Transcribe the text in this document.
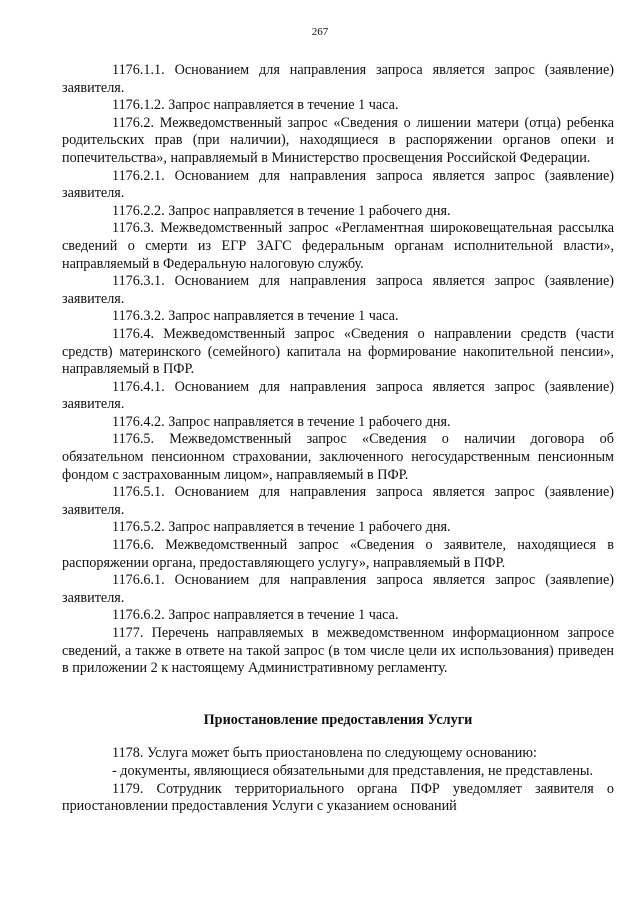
267

1176.1.1. Основанием для направления запроса является запрос (заявление) заявителя.

1176.1.2. Запрос направляется в течение 1 часа.

1176.2. Межведомственный запрос «Сведения о лишении матери (отца) ребенка родительских прав (при наличии), находящиеся в распоряжении органов опеки и попечительства», направляемый в Министерство просвещения Российской Федерации.

1176.2.1. Основанием для направления запроса является запрос (заявление) заявителя.

1176.2.2. Запрос направляется в течение 1 рабочего дня.

1176.3. Межведомственный запрос «Регламентная широковещательная рассылка сведений о смерти из ЕГР ЗАГС федеральным органам исполнительной власти», направляемый в Федеральную налоговую службу.

1176.3.1. Основанием для направления запроса является запрос (заявление) заявителя.

1176.3.2. Запрос направляется в течение 1 часа.

1176.4. Межведомственный запрос «Сведения о направлении средств (части средств) материнского (семейного) капитала на формирование накопительной пенсии», направляемый в ПФР.

1176.4.1. Основанием для направления запроса является запрос (заявление) заявителя.

1176.4.2. Запрос направляется в течение 1 рабочего дня.

1176.5. Межведомственный запрос «Сведения о наличии договора об обязательном пенсионном страховании, заключенного негосударственным пенсионным фондом с застрахованным лицом», направляемый в ПФР.

1176.5.1. Основанием для направления запроса является запрос (заявление) заявителя.

1176.5.2. Запрос направляется в течение 1 рабочего дня.

1176.6. Межведомственный запрос «Сведения о заявителе, находящиеся в распоряжении органа, предоставляющего услугу», направляемый в ПФР.

1176.6.1. Основанием для направления запроса является запрос (заявлеnие) заявителя.

1176.6.2. Запрос направляется в течение 1 часа.

1177. Перечень направляемых в межведомственном информационном запросе сведений, а также в ответе на такой запрос (в том числе цели их использования) приведен в приложении 2 к настоящему Административному регламенту.

Приостановление предоставления Услуги

1178. Услуга может быть приостановлена по следующему основанию:

- документы, являющиеся обязательными для представления, не представлены.

1179. Сотрудник территориального органа ПФР уведомляет заявителя о приостановлении предоставления Услуги с указанием оснований
